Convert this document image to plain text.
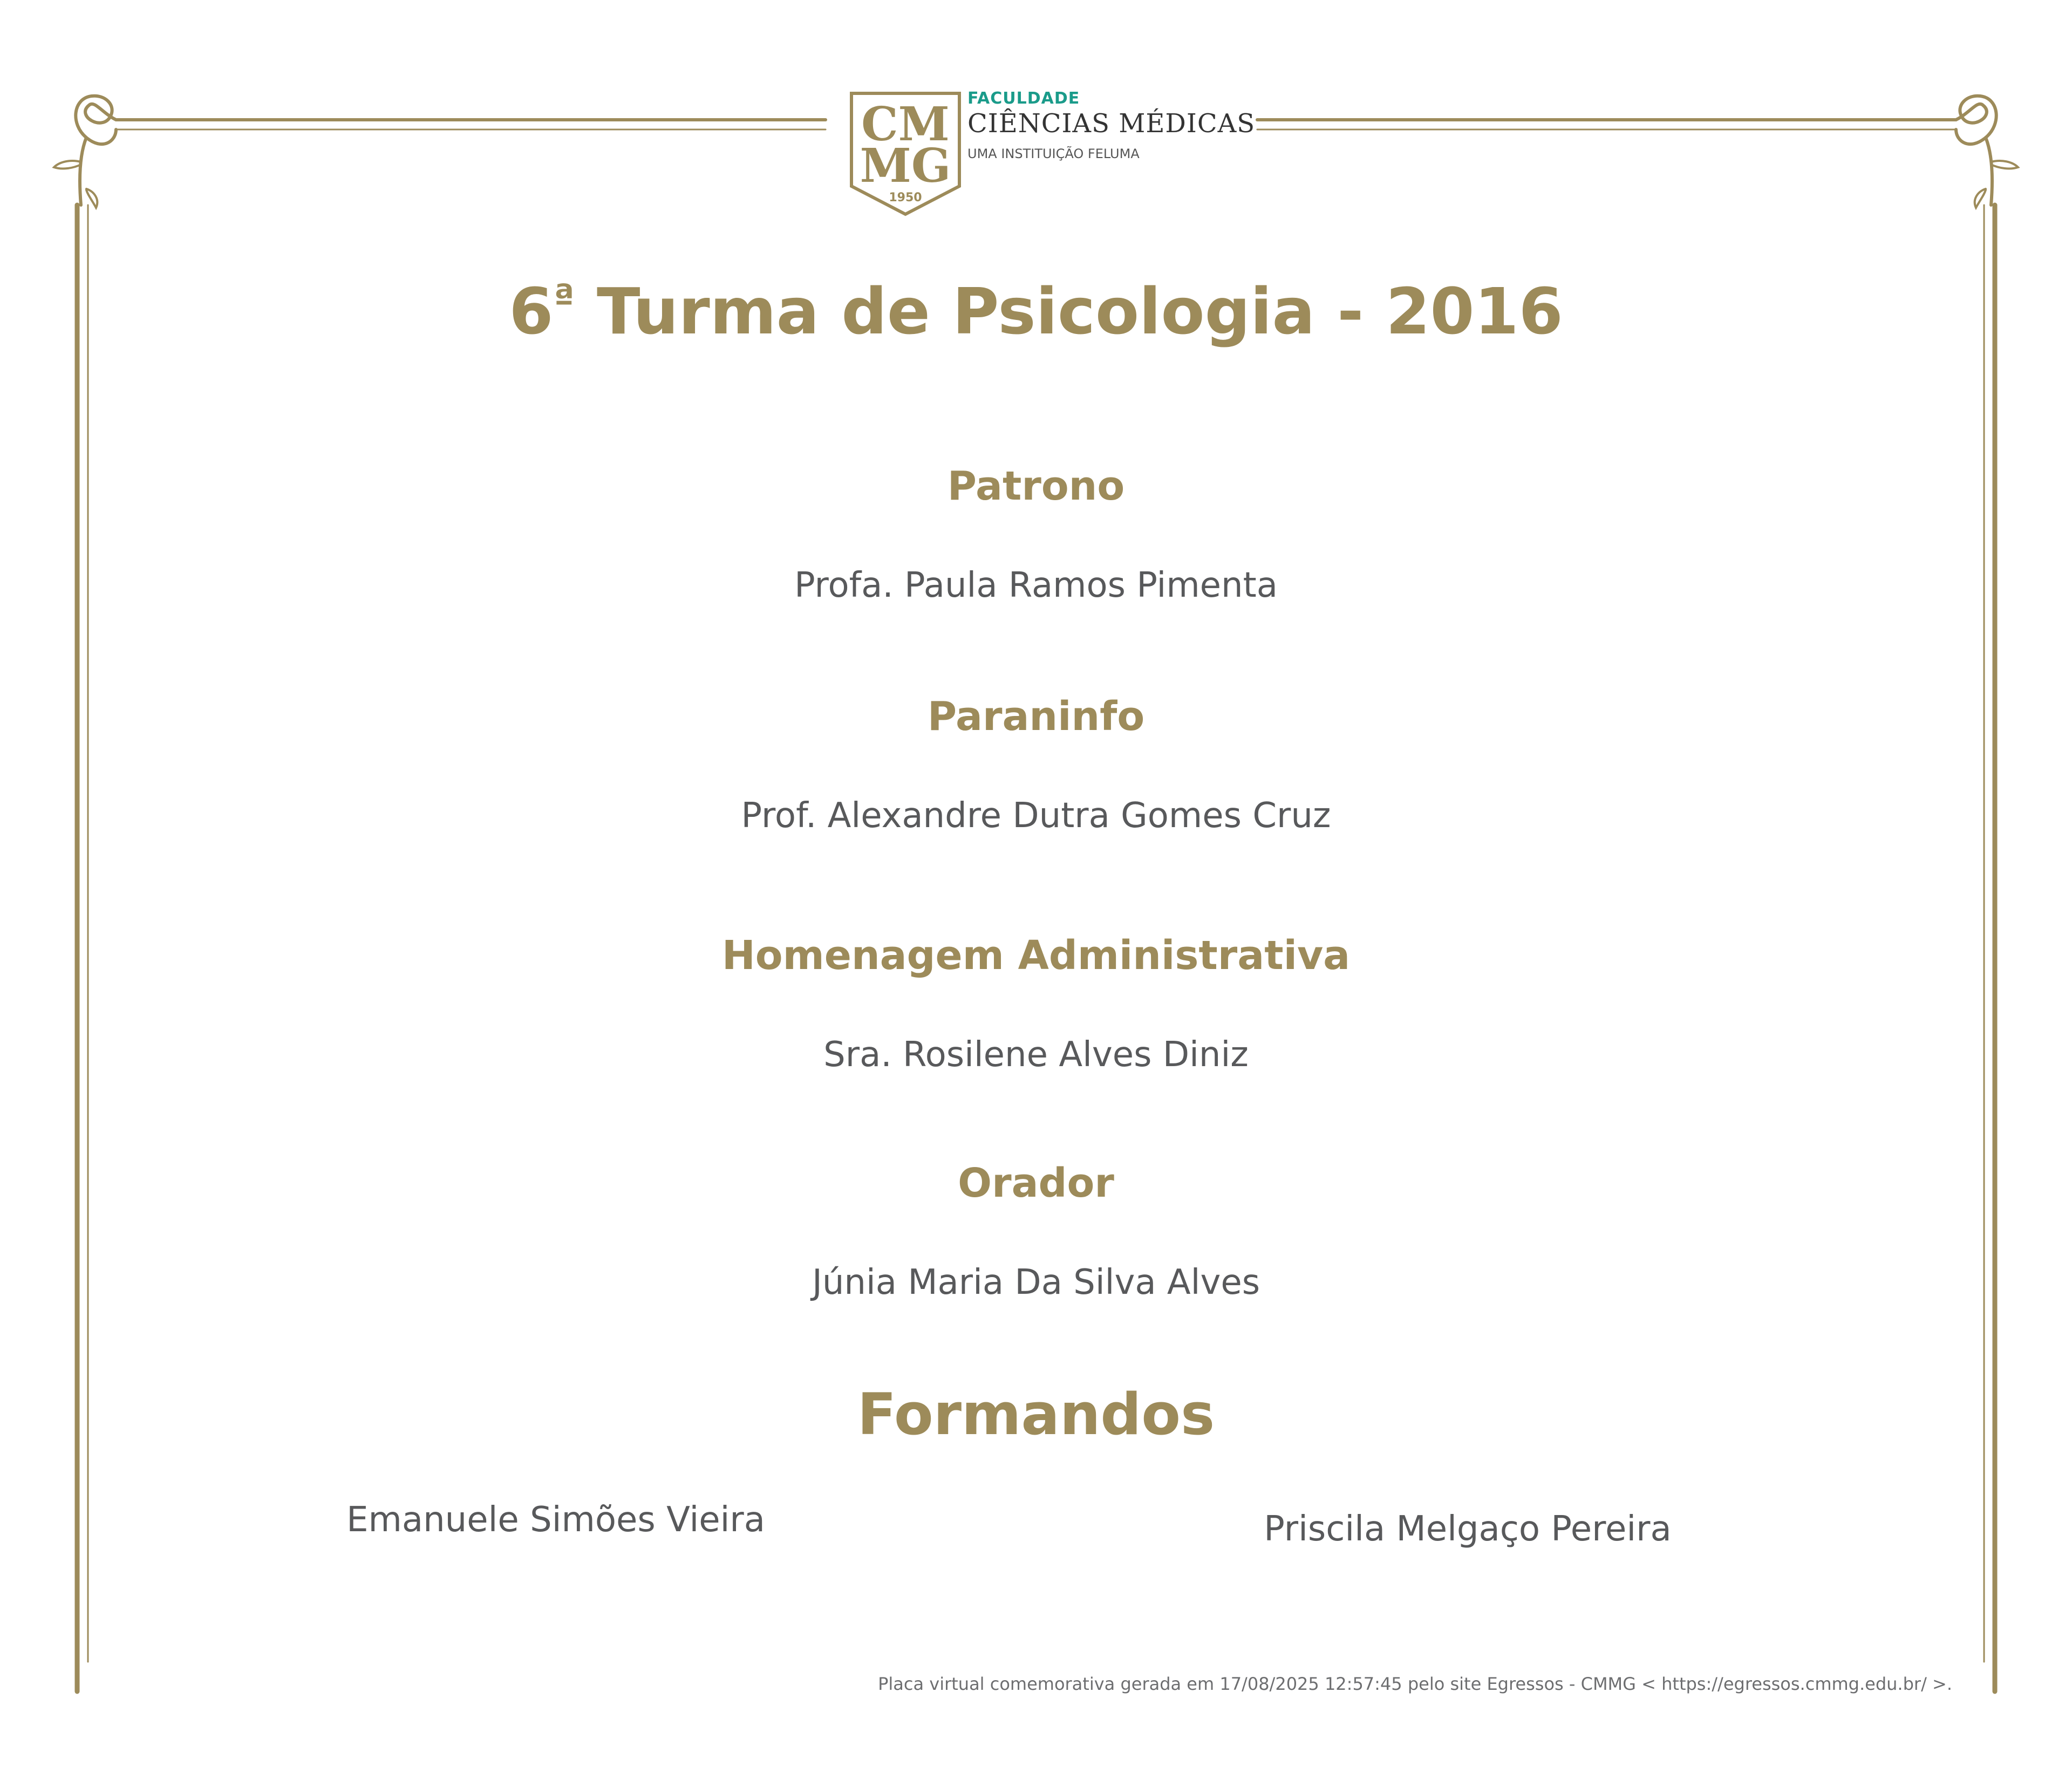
CM
MG
1950
FACULDADE
CIÊNCIAS MÉDICAS
UMA INSTITUIÇÃO FELUMA
$6^ª$ Turma de Psicologia - 2016
Patrono
Profa. Paula Ramos Pimenta
Paraninfo
Prof. Alexandre Dutra Gomes Cruz
Homenagem Administrativa
Sra. Rosilene Alves Diniz
Orador
Júnia Maria Da Silva Alves
Formandos
Emanuele Simões Vieira	Priscila Melgaço Pereira
Placa virtual comemorativa gerada em 17/08/2025 12:57:45 pelo site Egressos - CMMG < https://egressos.cmmg.edu.br/ >.
